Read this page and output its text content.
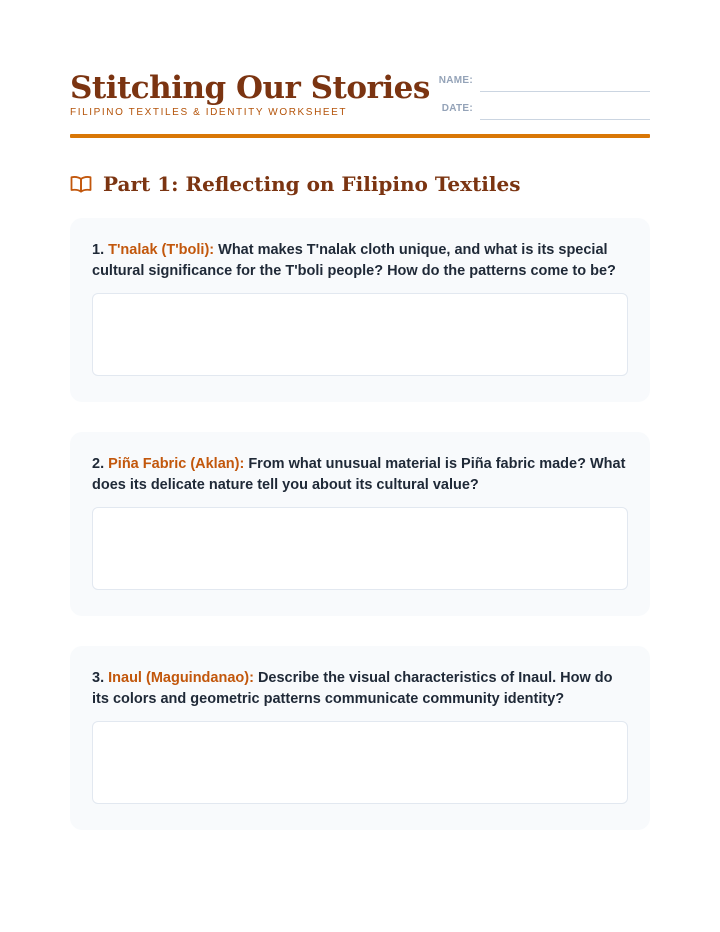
Stitching Our Stories
FILIPINO TEXTILES & IDENTITY WORKSHEET
NAME:
DATE:
Part 1: Reflecting on Filipino Textiles

1. T'nalak (T'boli): What makes T'nalak cloth unique, and what is its special cultural significance for the T'boli people? How do the patterns come to be?

2. Piña Fabric (Aklan): From what unusual material is Piña fabric made? What does its delicate nature tell you about its cultural value?

3. Inaul (Maguindanao): Describe the visual characteristics of Inaul. How do its colors and geometric patterns communicate community identity?
